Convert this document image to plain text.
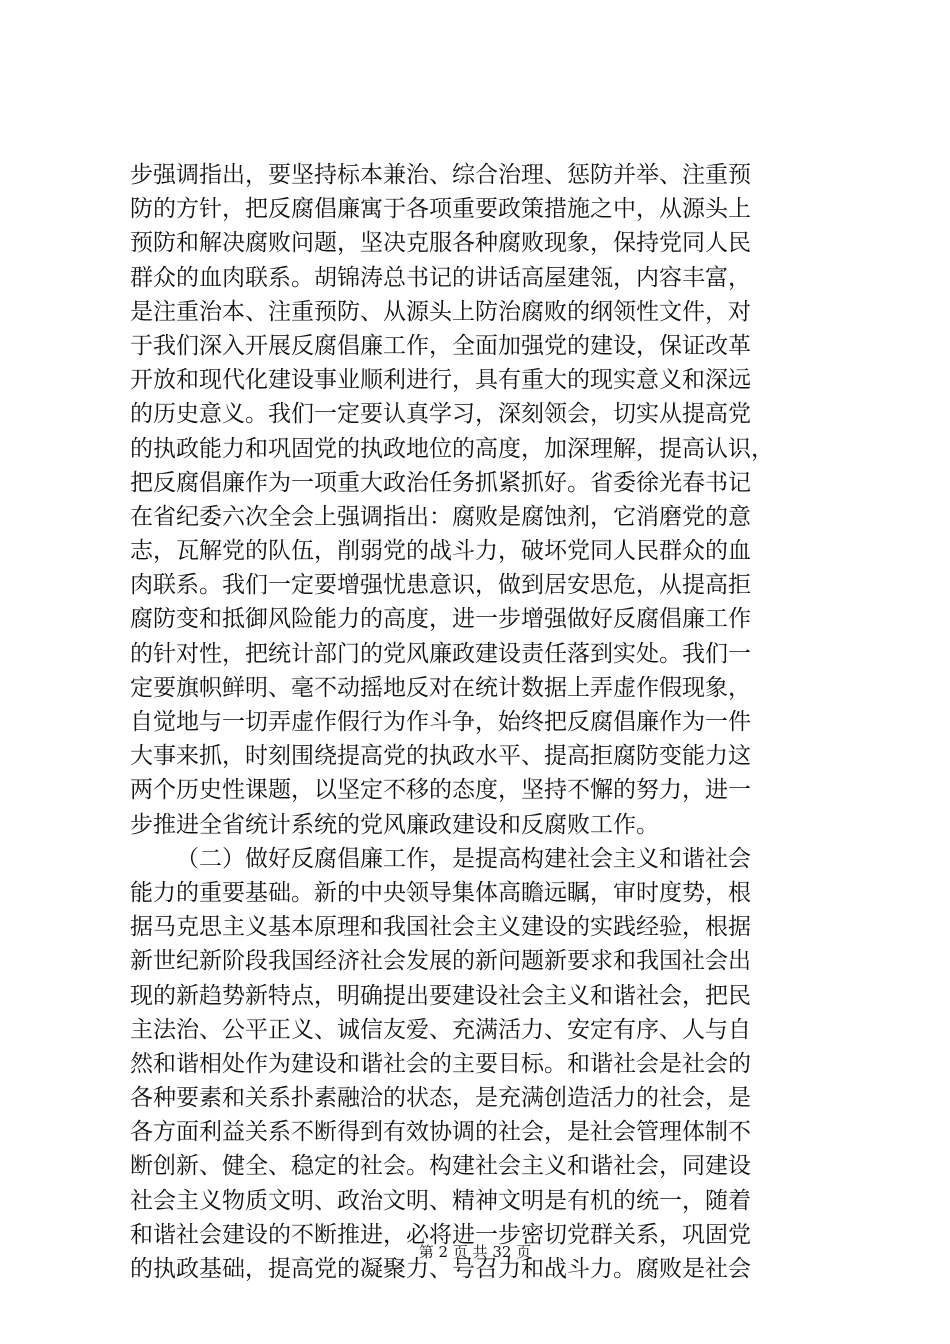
步强调指出，要坚持标本兼治、综合治理、惩防并举、注重预
防的方针，把反腐倡廉寓于各项重要政策措施之中，从源头上
预防和解决腐败问题，坚决克服各种腐败现象，保持党同人民
群众的血肉联系。胡锦涛总书记的讲话高屋建瓴，内容丰富，
是注重治本、注重预防、从源头上防治腐败的纲领性文件，对
于我们深入开展反腐倡廉工作，全面加强党的建设，保证改革
开放和现代化建设事业顺利进行，具有重大的现实意义和深远
的历史意义。我们一定要认真学习，深刻领会，切实从提高党
的执政能力和巩固党的执政地位的高度，加深理解，提高认识，
把反腐倡廉作为一项重大政治任务抓紧抓好。省委徐光春书记
在省纪委六次全会上强调指出：腐败是腐蚀剂，它消磨党的意
志，瓦解党的队伍，削弱党的战斗力，破坏党同人民群众的血
肉联系。我们一定要增强忧患意识，做到居安思危，从提高拒
腐防变和抵御风险能力的高度，进一步增强做好反腐倡廉工作
的针对性，把统计部门的党风廉政建设责任落到实处。我们一
定要旗帜鲜明、毫不动摇地反对在统计数据上弄虚作假现象，
自觉地与一切弄虚作假行为作斗争，始终把反腐倡廉作为一件
大事来抓，时刻围绕提高党的执政水平、提高拒腐防变能力这
两个历史性课题，以坚定不移的态度，坚持不懈的努力，进一
步推进全省统计系统的党风廉政建设和反腐败工作。
（二）做好反腐倡廉工作，是提高构建社会主义和谐社会
能力的重要基础。新的中央领导集体高瞻远瞩，审时度势，根
据马克思主义基本原理和我国社会主义建设的实践经验，根据
新世纪新阶段我国经济社会发展的新问题新要求和我国社会出
现的新趋势新特点，明确提出要建设社会主义和谐社会，把民
主法治、公平正义、诚信友爱、充满活力、安定有序、人与自
然和谐相处作为建设和谐社会的主要目标。和谐社会是社会的
各种要素和关系扑素融洽的状态，是充满创造活力的社会，是
各方面利益关系不断得到有效协调的社会，是社会管理体制不
断创新、健全、稳定的社会。构建社会主义和谐社会，同建设
社会主义物质文明、政治文明、精神文明是有机的统一，随着
和谐社会建设的不断推进，必将进一步密切党群关系，巩固党
的执政基础，提高党的凝聚力、号召力和战斗力。腐败是社会
第 2 页 共 32 页
